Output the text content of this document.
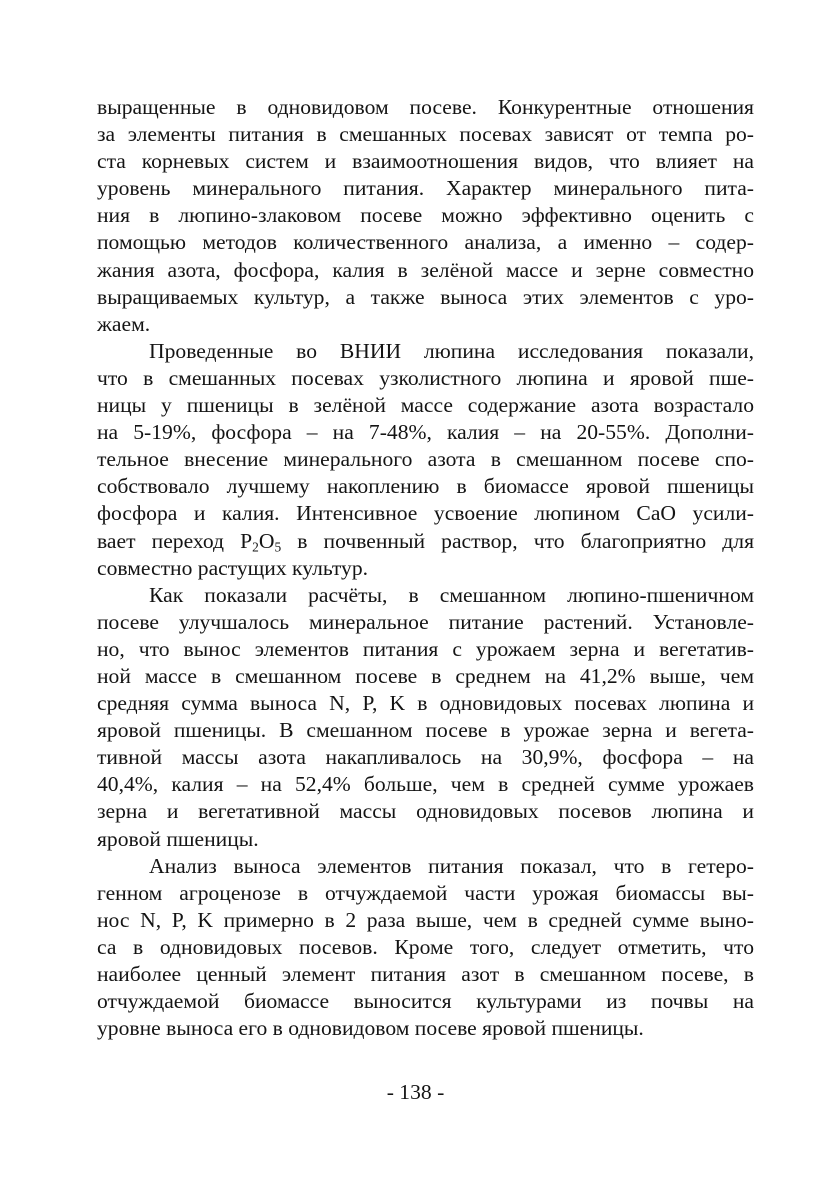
выращенные в одновидовом посеве. Конкурентные отношения
за элементы питания в смешанных посевах зависят от темпа ро-
ста корневых систем и взаимоотношения видов, что влияет на
уровень минерального питания. Характер минерального пита-
ния в люпино-злаковом посеве можно эффективно оценить с
помощью методов количественного анализа, а именно – содер-
жания азота, фосфора, калия в зелёной массе и зерне совместно
выращиваемых культур, а также выноса этих элементов с уро-
жаем.
Проведенные во ВНИИ люпина исследования показали,
что в смешанных посевах узколистного люпина и яровой пше-
ницы у пшеницы в зелёной массе содержание азота возрастало
на 5-19%, фосфора – на 7-48%, калия – на 20-55%. Дополни-
тельное внесение минерального азота в смешанном посеве спо-
собствовало лучшему накоплению в биомассе яровой пшеницы
фосфора и калия. Интенсивное усвоение люпином СаО усили-
вает переход $Р_2О_5$ в почвенный раствор, что благоприятно для
совместно растущих культур.
Как показали расчёты, в смешанном люпино-пшеничном
посеве улучшалось минеральное питание растений. Установле-
но, что вынос элементов питания с урожаем зерна и вегетатив-
ной массе в смешанном посеве в среднем на 41,2% выше, чем
средняя сумма выноса N, P, K в одновидовых посевах люпина и
яровой пшеницы. В смешанном посеве в урожае зерна и вегета-
тивной массы азота накапливалось на 30,9%, фосфора – на
40,4%, калия – на 52,4% больше, чем в средней сумме урожаев
зерна и вегетативной массы одновидовых посевов люпина и
яровой пшеницы.
Анализ выноса элементов питания показал, что в гетеро-
генном агроценозе в отчуждаемой части урожая биомассы вы-
нос N, P, K примерно в 2 раза выше, чем в средней сумме выно-
са в одновидовых посевов. Кроме того, следует отметить, что
наиболее ценный элемент питания азот в смешанном посеве, в
отчуждаемой биомассе выносится культурами из почвы на
уровне выноса его в одновидовом посеве яровой пшеницы.
- 138 -
